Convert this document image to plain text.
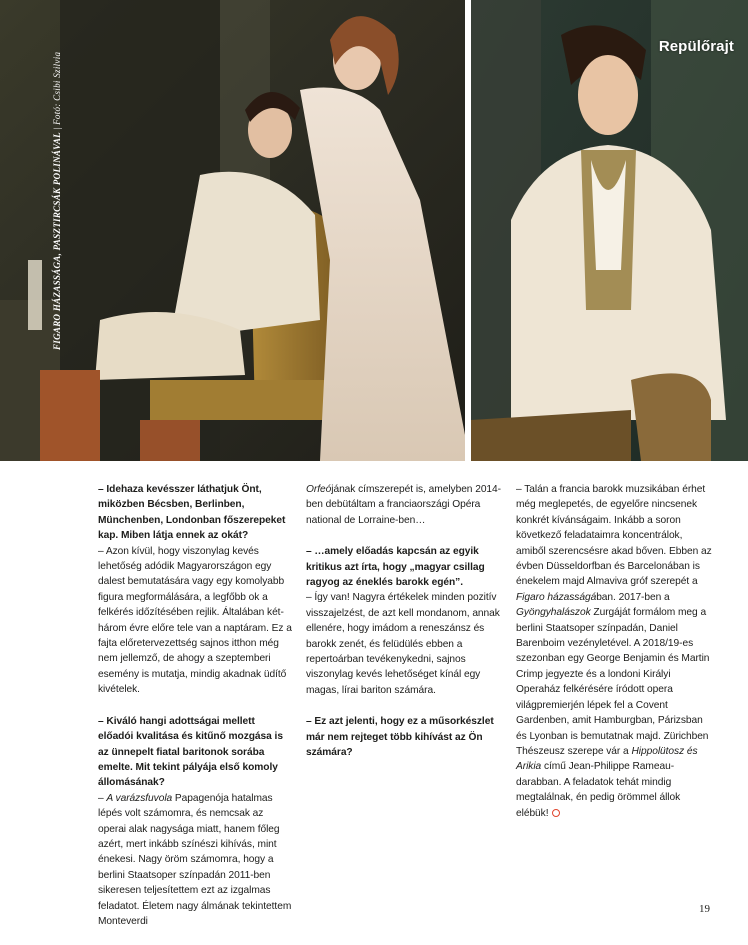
FIGARO HÁZASSÁGA, PASZTIRCSÁK POLINÁVAL | Fotó: Csibi Szilvia
Repülőrajt

– Idehaza kevésszer láthatjuk Önt, miközben Bécsben, Berlinben, Münchenben, Londonban főszerepeket kap. Miben látja ennek az okát?

– Azon kívül, hogy viszonylag kevés lehetőség adódik Magyarországon egy dalest bemutatására vagy egy komolyabb figura megformálására, a legfőbb ok a felkérés időzítésében rejlik. Általában két-három évre előre tele van a naptáram. Ez a fajta előretervezettség sajnos itthon még nem jellemző, de ahogy a szeptemberi esemény is mutatja, mindig akadnak üdítő kivételek.

– Kiváló hangi adottságai mellett előadói kvalitása és kitűnő mozgása is az ünnepelt fiatal baritonok sorába emelte. Mit tekint pályája első komoly állomásának?

– A varázsfuvola Papagenója hatalmas lépés volt számomra, és nemcsak az operai alak nagysága miatt, hanem főleg azért, mert inkább színészi kihívás, mint énekesi. Nagy öröm számomra, hogy a berlini Staatsoper színpadán 2011-ben sikeresen teljesítettem ezt az izgalmas feladatot. Életem nagy álmának tekintettem Monteverdi

Orfeójának címszerepét is, amelyben 2014-ben debütáltam a franciaországi Opéra national de Lorraine-ben…

– …amely előadás kapcsán az egyik kritikus azt írta, hogy „magyar csillag ragyog az éneklés barokk egén”.

– Így van! Nagyra értékelek minden pozitív visszajelzést, de azt kell mondanom, annak ellenére, hogy imádom a reneszánsz és barokk zenét, és felüdülés ebben a repertoárban tevékenykedni, sajnos viszonylag kevés lehetőséget kínál egy magas, lírai bariton számára.

– Ez azt jelenti, hogy ez a műsorkészlet már nem rejteget több kihívást az Ön számára?

– Talán a francia barokk muzsikában érhet még meglepetés, de egyelőre nincsenek konkrét kívánságaim. Inkább a soron következő feladataimra koncentrálok, amiből szerencsésre akad bőven. Ebben az évben Düsseldorfban és Barcelonában is énekelem majd Almaviva gróf szerepét a Figaro házasságában. 2017-ben a Gyöngyhalászok Zurgáját formálom meg a berlini Staatsoper színpadán, Daniel Barenboim vezényletével. A 2018/19-es szezonban egy George Benjamin és Martin Crimp jegyezte és a londoni Királyi Operaház felkérésére íródott opera világpremierjén lépek fel a Covent Gardenben, amit Hamburgban, Párizsban és Lyonban is bemutatnak majd. Zürichben Thészeusz szerepe vár a Hippolütosz és Arikia című Jean-Philippe Rameau-darabban. A feladatok tehát mindig megtalálnak, én pedig örömmel állok elébük!

19
